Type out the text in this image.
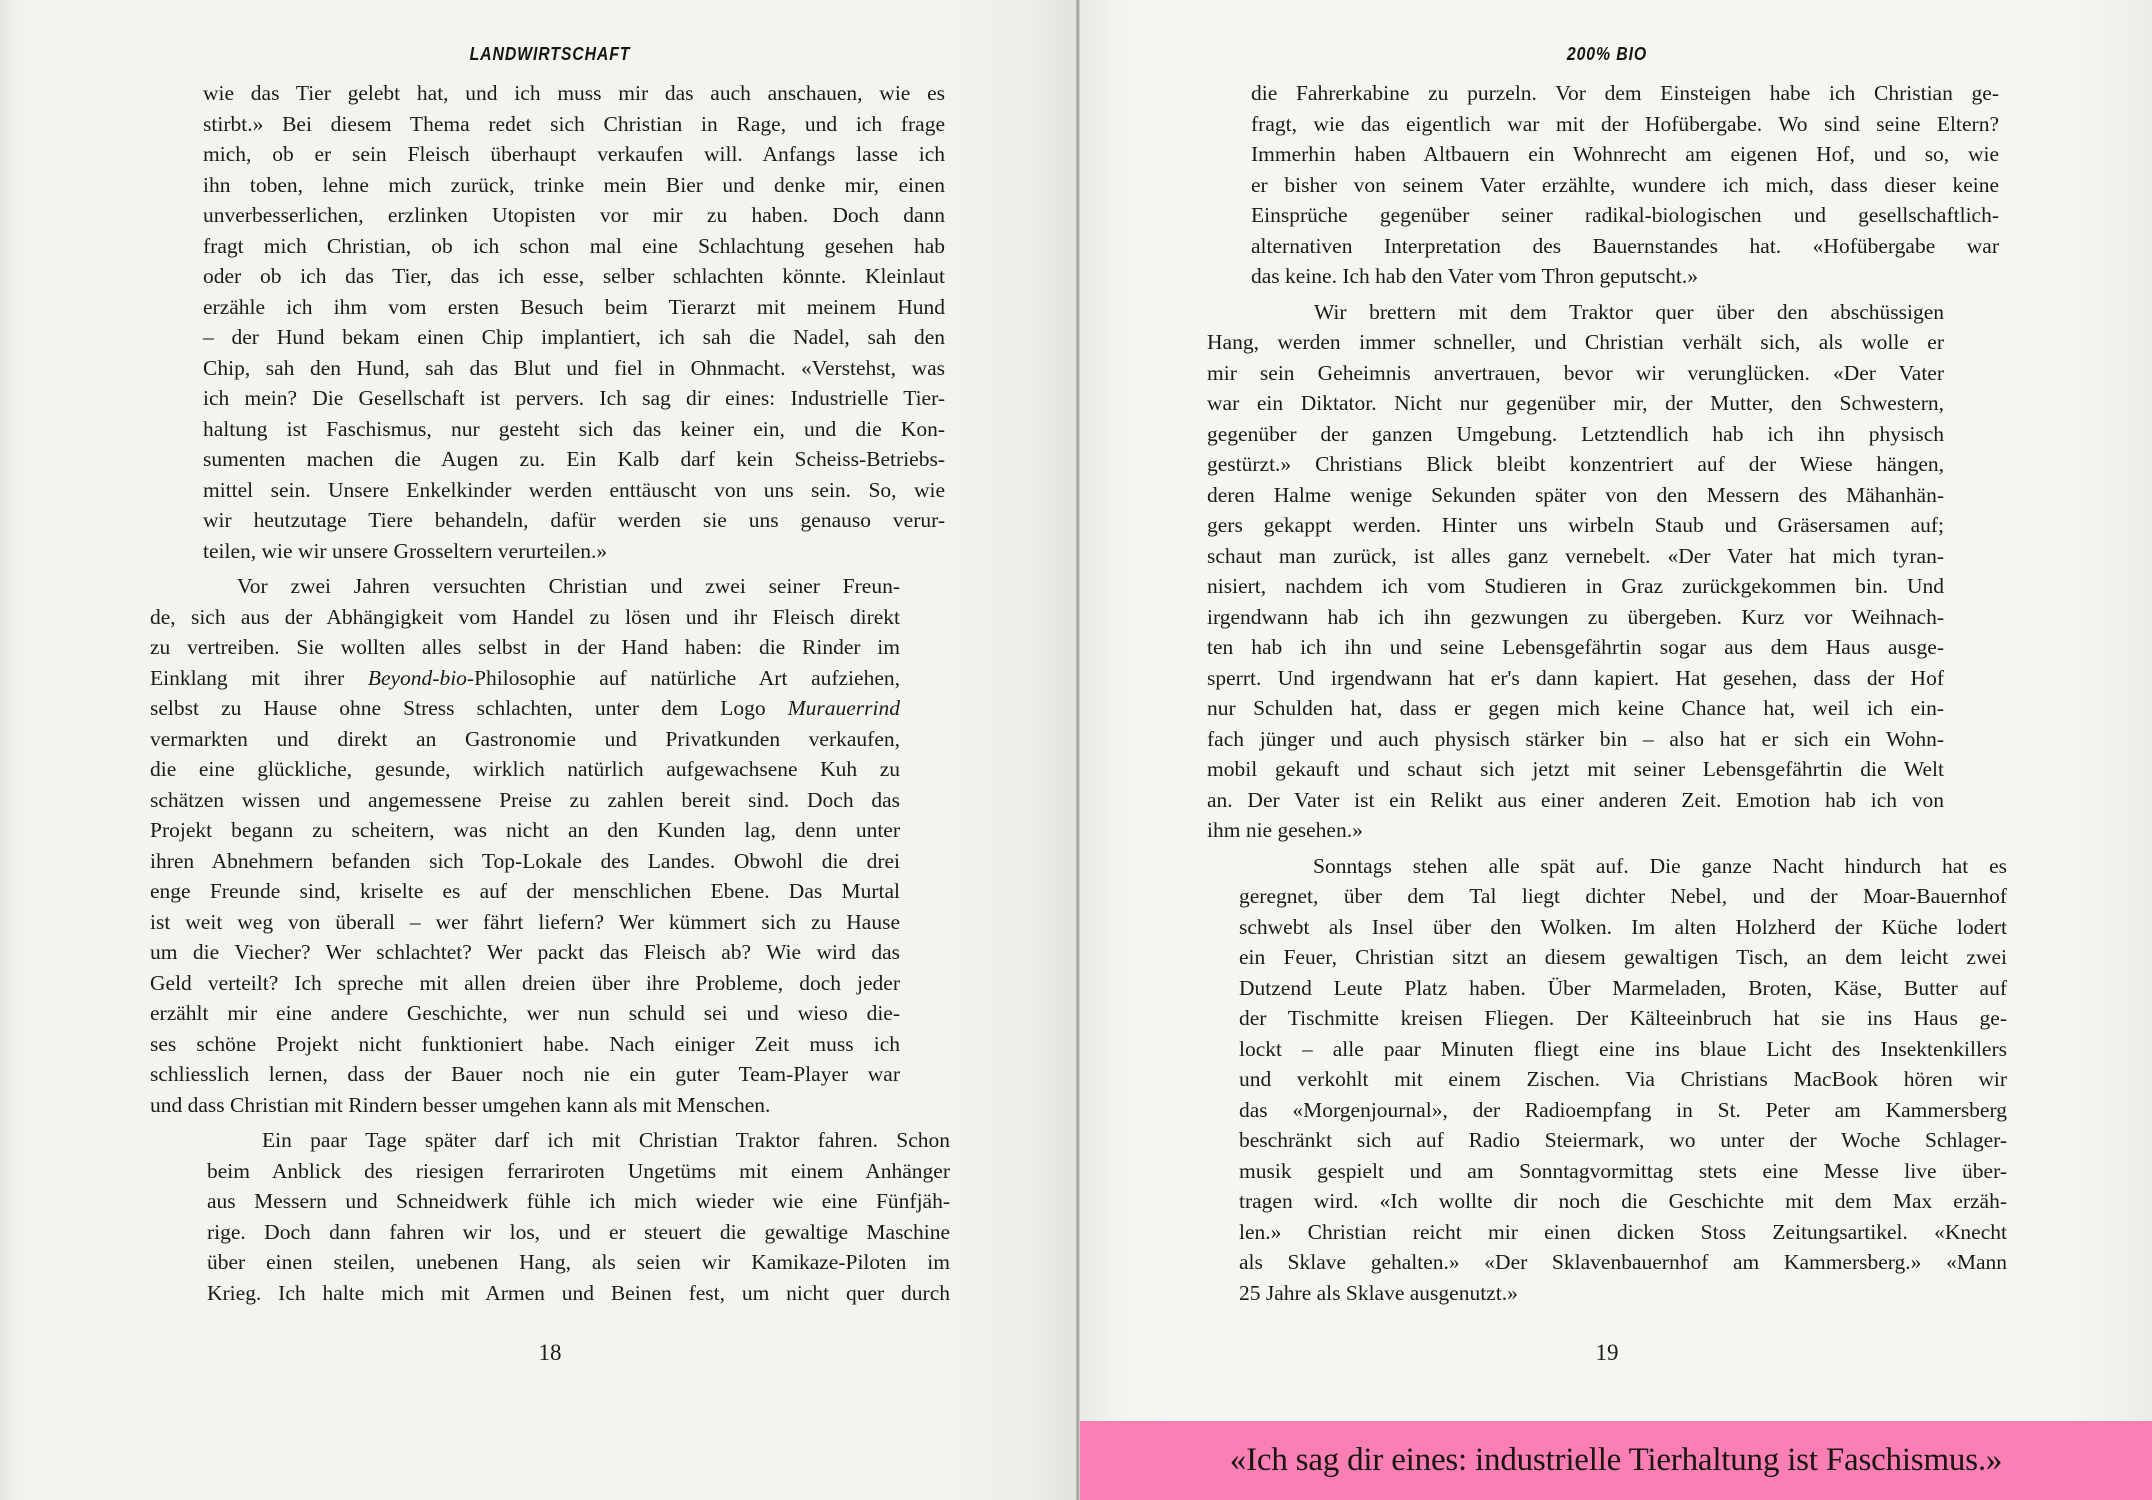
LANDWIRTSCHAFT
wie das Tier gelebt hat, und ich muss mir das auch anschauen, wie es
stirbt.» Bei diesem Thema redet sich Christian in Rage, und ich frage
mich, ob er sein Fleisch überhaupt verkaufen will. Anfangs lasse ich
ihn toben, lehne mich zurück, trinke mein Bier und denke mir, einen
unverbesserlichen, erzlinken Utopisten vor mir zu haben. Doch dann
fragt mich Christian, ob ich schon mal eine Schlachtung gesehen hab
oder ob ich das Tier, das ich esse, selber schlachten könnte. Kleinlaut
erzähle ich ihm vom ersten Besuch beim Tierarzt mit meinem Hund
– der Hund bekam einen Chip implantiert, ich sah die Nadel, sah den
Chip, sah den Hund, sah das Blut und fiel in Ohnmacht. «Verstehst, was
ich mein? Die Gesellschaft ist pervers. Ich sag dir eines: Industrielle Tier-
haltung ist Faschismus, nur gesteht sich das keiner ein, und die Kon-
sumenten machen die Augen zu. Ein Kalb darf kein Scheiss-Betriebs-
mittel sein. Unsere Enkelkinder werden enttäuscht von uns sein. So, wie
wir heutzutage Tiere behandeln, dafür werden sie uns genauso verur-
teilen, wie wir unsere Grosseltern verurteilen.»
Vor zwei Jahren versuchten Christian und zwei seiner Freun-
de, sich aus der Abhängigkeit vom Handel zu lösen und ihr Fleisch direkt
zu vertreiben. Sie wollten alles selbst in der Hand haben: die Rinder im
Einklang mit ihrer Beyond-bio-Philosophie auf natürliche Art aufziehen,
selbst zu Hause ohne Stress schlachten, unter dem Logo Murauerrind
vermarkten und direkt an Gastronomie und Privatkunden verkaufen,
die eine glückliche, gesunde, wirklich natürlich aufgewachsene Kuh zu
schätzen wissen und angemessene Preise zu zahlen bereit sind. Doch das
Projekt begann zu scheitern, was nicht an den Kunden lag, denn unter
ihren Abnehmern befanden sich Top-Lokale des Landes. Obwohl die drei
enge Freunde sind, kriselte es auf der menschlichen Ebene. Das Murtal
ist weit weg von überall – wer fährt liefern? Wer kümmert sich zu Hause
um die Viecher? Wer schlachtet? Wer packt das Fleisch ab? Wie wird das
Geld verteilt? Ich spreche mit allen dreien über ihre Probleme, doch jeder
erzählt mir eine andere Geschichte, wer nun schuld sei und wieso die-
ses schöne Projekt nicht funktioniert habe. Nach einiger Zeit muss ich
schliesslich lernen, dass der Bauer noch nie ein guter Team-Player war
und dass Christian mit Rindern besser umgehen kann als mit Menschen.
Ein paar Tage später darf ich mit Christian Traktor fahren. Schon
beim Anblick des riesigen ferrariroten Ungetüms mit einem Anhänger
aus Messern und Schneidwerk fühle ich mich wieder wie eine Fünfjäh-
rige. Doch dann fahren wir los, und er steuert die gewaltige Maschine
über einen steilen, unebenen Hang, als seien wir Kamikaze-Piloten im
Krieg. Ich halte mich mit Armen und Beinen fest, um nicht quer durch
18
200% BIO
die Fahrerkabine zu purzeln. Vor dem Einsteigen habe ich Christian ge-
fragt, wie das eigentlich war mit der Hofübergabe. Wo sind seine Eltern?
Immerhin haben Altbauern ein Wohnrecht am eigenen Hof, und so, wie
er bisher von seinem Vater erzählte, wundere ich mich, dass dieser keine
Einsprüche gegenüber seiner radikal-biologischen und gesellschaftlich-
alternativen Interpretation des Bauernstandes hat. «Hofübergabe war
das keine. Ich hab den Vater vom Thron geputscht.»
Wir brettern mit dem Traktor quer über den abschüssigen
Hang, werden immer schneller, und Christian verhält sich, als wolle er
mir sein Geheimnis anvertrauen, bevor wir verunglücken. «Der Vater
war ein Diktator. Nicht nur gegenüber mir, der Mutter, den Schwestern,
gegenüber der ganzen Umgebung. Letztendlich hab ich ihn physisch
gestürzt.» Christians Blick bleibt konzentriert auf der Wiese hängen,
deren Halme wenige Sekunden später von den Messern des Mähanhän-
gers gekappt werden. Hinter uns wirbeln Staub und Gräsersamen auf;
schaut man zurück, ist alles ganz vernebelt. «Der Vater hat mich tyran-
nisiert, nachdem ich vom Studieren in Graz zurückgekommen bin. Und
irgendwann hab ich ihn gezwungen zu übergeben. Kurz vor Weihnach-
ten hab ich ihn und seine Lebensgefährtin sogar aus dem Haus ausge-
sperrt. Und irgendwann hat er's dann kapiert. Hat gesehen, dass der Hof
nur Schulden hat, dass er gegen mich keine Chance hat, weil ich ein-
fach jünger und auch physisch stärker bin – also hat er sich ein Wohn-
mobil gekauft und schaut sich jetzt mit seiner Lebensgefährtin die Welt
an. Der Vater ist ein Relikt aus einer anderen Zeit. Emotion hab ich von
ihm nie gesehen.»
Sonntags stehen alle spät auf. Die ganze Nacht hindurch hat es
geregnet, über dem Tal liegt dichter Nebel, und der Moar-Bauernhof
schwebt als Insel über den Wolken. Im alten Holzherd der Küche lodert
ein Feuer, Christian sitzt an diesem gewaltigen Tisch, an dem leicht zwei
Dutzend Leute Platz haben. Über Marmeladen, Broten, Käse, Butter auf
der Tischmitte kreisen Fliegen. Der Kälteeinbruch hat sie ins Haus ge-
lockt – alle paar Minuten fliegt eine ins blaue Licht des Insektenkillers
und verkohlt mit einem Zischen. Via Christians MacBook hören wir
das «Morgenjournal», der Radioempfang in St. Peter am Kammersberg
beschränkt sich auf Radio Steiermark, wo unter der Woche Schlager-
musik gespielt und am Sonntagvormittag stets eine Messe live über-
tragen wird. «Ich wollte dir noch die Geschichte mit dem Max erzäh-
len.» Christian reicht mir einen dicken Stoss Zeitungsartikel. «Knecht
als Sklave gehalten.» «Der Sklavenbauernhof am Kammersberg.» «Mann
25 Jahre als Sklave ausgenutzt.»
19
«Ich sag dir eines: industrielle Tierhaltung ist Faschismus.»
